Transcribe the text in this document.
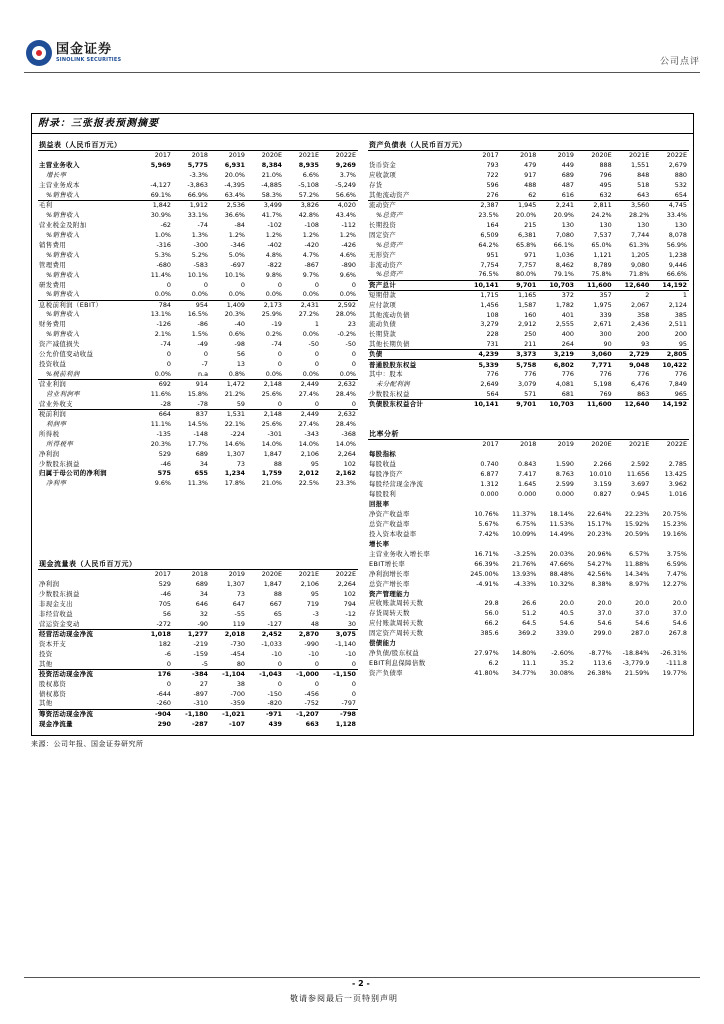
国金证券
SINOLINK SECURITIES	公司点评
附录：三张报表预测摘要
损益表（人民币百万元）
	2017	2018	2019	2020E	2021E	2022E
主营业务收入	5,969	5,775	6,931	8,384	8,935	9,269
增长率		-3.3%	20.0%	21.0%	6.6%	3.7%
主营业务成本	-4,127	-3,863	-4,395	-4,885	-5,108	-5,249
%销售收入	69.1%	66.9%	63.4%	58.3%	57.2%	56.6%
毛利	1,842	1,912	2,536	3,499	3,826	4,020
%销售收入	30.9%	33.1%	36.6%	41.7%	42.8%	43.4%
营业税金及附加	-62	-74	-84	-102	-108	-112
%销售收入	1.0%	1.3%	1.2%	1.2%	1.2%	1.2%
销售费用	-316	-300	-346	-402	-420	-426
%销售收入	5.3%	5.2%	5.0%	4.8%	4.7%	4.6%
管理费用	-680	-583	-697	-822	-867	-890
%销售收入	11.4%	10.1%	10.1%	9.8%	9.7%	9.6%
研发费用	0	0	0	0	0	0
%销售收入	0.0%	0.0%	0.0%	0.0%	0.0%	0.0%
息税前利润（EBIT）	784	954	1,409	2,173	2,431	2,592
%销售收入	13.1%	16.5%	20.3%	25.9%	27.2%	28.0%
财务费用	-126	-86	-40	-19	1	23
%销售收入	2.1%	1.5%	0.6%	0.2%	0.0%	-0.2%
资产减值损失	-74	-49	-98	-74	-50	-50
公允价值变动收益	0	0	56	0	0	0
投资收益	0	-7	13	0	0	0
%税前利润	0.0%	n.a	0.8%	0.0%	0.0%	0.0%
营业利润	692	914	1,472	2,148	2,449	2,632
营业利润率	11.6%	15.8%	21.2%	25.6%	27.4%	28.4%
营业外收支	-28	-78	59	0	0	0
税前利润	664	837	1,531	2,148	2,449	2,632
利润率	11.1%	14.5%	22.1%	25.6%	27.4%	28.4%
所得税	-135	-148	-224	-301	-343	-368
所得税率	20.3%	17.7%	14.6%	14.0%	14.0%	14.0%
净利润	529	689	1,307	1,847	2,106	2,264
少数股东损益	-46	34	73	88	95	102
归属于母公司的净利润	575	655	1,234	1,759	2,012	2,162
净利率	9.6%	11.3%	17.8%	21.0%	22.5%	23.3%
资产负债表（人民币百万元）
	2017	2018	2019	2020E	2021E	2022E
货币资金	793	479	449	888	1,551	2,679
应收款项	722	917	689	796	848	880
存货	596	488	487	495	518	532
其他流动资产	276	62	616	632	643	654
流动资产	2,387	1,945	2,241	2,811	3,560	4,745
%总资产	23.5%	20.0%	20.9%	24.2%	28.2%	33.4%
长期投资	164	215	130	130	130	130
固定资产	6,509	6,381	7,080	7,537	7,744	8,078
%总资产	64.2%	65.8%	66.1%	65.0%	61.3%	56.9%
无形资产	951	971	1,036	1,121	1,205	1,238
非流动资产	7,754	7,757	8,462	8,789	9,080	9,446
%总资产	76.5%	80.0%	79.1%	75.8%	71.8%	66.6%
资产总计	10,141	9,701	10,703	11,600	12,640	14,192
短期借款	1,715	1,165	372	357	2	1
应付款项	1,456	1,587	1,782	1,975	2,067	2,124
其他流动负债	108	160	401	339	358	385
流动负债	3,279	2,912	2,555	2,671	2,436	2,511
长期贷款	228	250	400	300	200	200
其他长期负债	731	211	264	90	93	95
负债	4,239	3,373	3,219	3,060	2,729	2,805
普通股股东权益	5,339	5,758	6,802	7,771	9,048	10,422
其中：股本	776	776	776	776	776	776
未分配利润	2,649	3,079	4,081	5,198	6,476	7,849
少数股东权益	564	571	681	769	863	965
负债股东权益合计	10,141	9,701	10,703	11,600	12,640	14,192
比率分析
	2017	2018	2019	2020E	2021E	2022E
每股指标						
每股收益	0.740	0.843	1.590	2.266	2.592	2.785
每股净资产	6.877	7.417	8.763	10.010	11.656	13.425
每股经营现金净流	1.312	1.645	2.599	3.159	3.697	3.962
每股股利	0.000	0.000	0.000	0.827	0.945	1.016
回报率						
净资产收益率	10.76%	11.37%	18.14%	22.64%	22.23%	20.75%
总资产收益率	5.67%	6.75%	11.53%	15.17%	15.92%	15.23%
投入资本收益率	7.42%	10.09%	14.49%	20.23%	20.59%	19.16%
增长率						
主营业务收入增长率	16.71%	-3.25%	20.03%	20.96%	6.57%	3.75%
EBIT增长率	66.39%	21.76%	47.66%	54.27%	11.88%	6.59%
净利润增长率	245.00%	13.93%	88.48%	42.56%	14.34%	7.47%
总资产增长率	-4.91%	-4.33%	10.32%	8.38%	8.97%	12.27%
资产管理能力						
应收账款周转天数	29.8	26.6	20.0	20.0	20.0	20.0
存货周转天数	56.0	51.2	40.5	37.0	37.0	37.0
应付账款周转天数	66.2	64.5	54.6	54.6	54.6	54.6
固定资产周转天数	385.6	369.2	339.0	299.0	287.0	267.8
偿债能力						
净负债/股东权益	27.97%	14.80%	-2.60%	-8.77%	-18.84%	-26.31%
EBIT利息保障倍数	6.2	11.1	35.2	113.6	-3,779.9	-111.8
资产负债率	41.80%	34.77%	30.08%	26.38%	21.59%	19.77%
现金流量表（人民币百万元）
	2017	2018	2019	2020E	2021E	2022E
净利润	529	689	1,307	1,847	2,106	2,264
少数股东损益	-46	34	73	88	95	102
非现金支出	705	646	647	667	719	794
非经营收益	56	32	-55	65	-3	-12
营运资金变动	-272	-90	119	-127	48	30
经营活动现金净流	1,018	1,277	2,018	2,452	2,870	3,075
资本开支	182	-219	-730	-1,033	-990	-1,140
投资	-6	-159	-454	-10	-10	-10
其他	0	-5	80	0	0	0
投资活动现金净流	176	-384	-1,104	-1,043	-1,000	-1,150
股权募资	0	27	38	0	0	0
债权募资	-644	-897	-700	-150	-456	0
其他	-260	-310	-359	-820	-752	-797
筹资活动现金净流	-904	-1,180	-1,021	-971	-1,207	-798
现金净流量	290	-287	-107	439	663	1,128
来源：公司年报、国金证券研究所
- 2 -
敬请参阅最后一页特别声明
